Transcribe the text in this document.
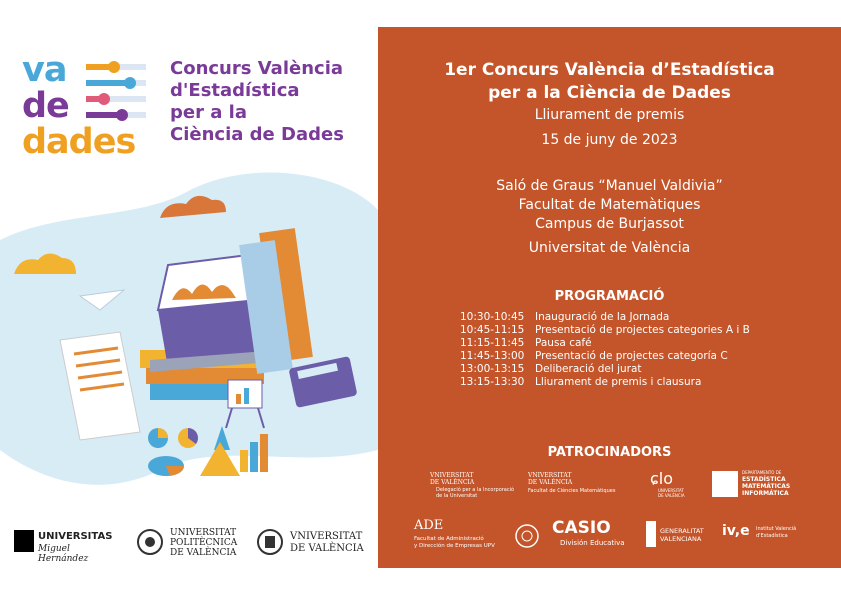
va
de
dades
Concurs València
d'Estadística
per a la
Ciència de Dades
UNIVERSITAS
Miguel Hernández
UNIVERSITAT
POLITÈCNICA
DE VALÈNCIA
VNIVERSITAT
DE VALÈNCIA
1er Concurs València d’Estadística
per a la Ciència de Dades
Lliurament de premis
15 de juny de 2023
Saló de Graus “Manuel Valdivia”
Facultat de Matemàtiques
Campus de Burjassot
Universitat de València
PROGRAMACIÓ
10:30-10:45	Inauguració de la Jornada
10:45-11:15	Presentació de projectes categories A i B
11:15-11:45	Pausa café
11:45-13:00	Presentació de projectes categoría C
13:00-13:15	Deliberació del jurat
13:15-13:30	Lliurament de premis i clausura
PATROCINADORS
VNIVERSITAT
DE VALÈNCIA
Delegació per a la Incorporació
de la Universitat
VNIVERSITAT
DE VALÈNCIA
Facultat de Ciències Matemàtiques
ɕlo
UNIVERSITAT
DE VALÈNCIA
DEPARTAMENTO DE
ESTADÍSTICA
MATEMÁTICAS
INFORMÁTICA
ADE
Facultat de Administració
y Dirección de Empresas UPV
CASIO
División Educativa
GENERALITAT
VALENCIANA iv,e Institut Valencià
d'Estadística
